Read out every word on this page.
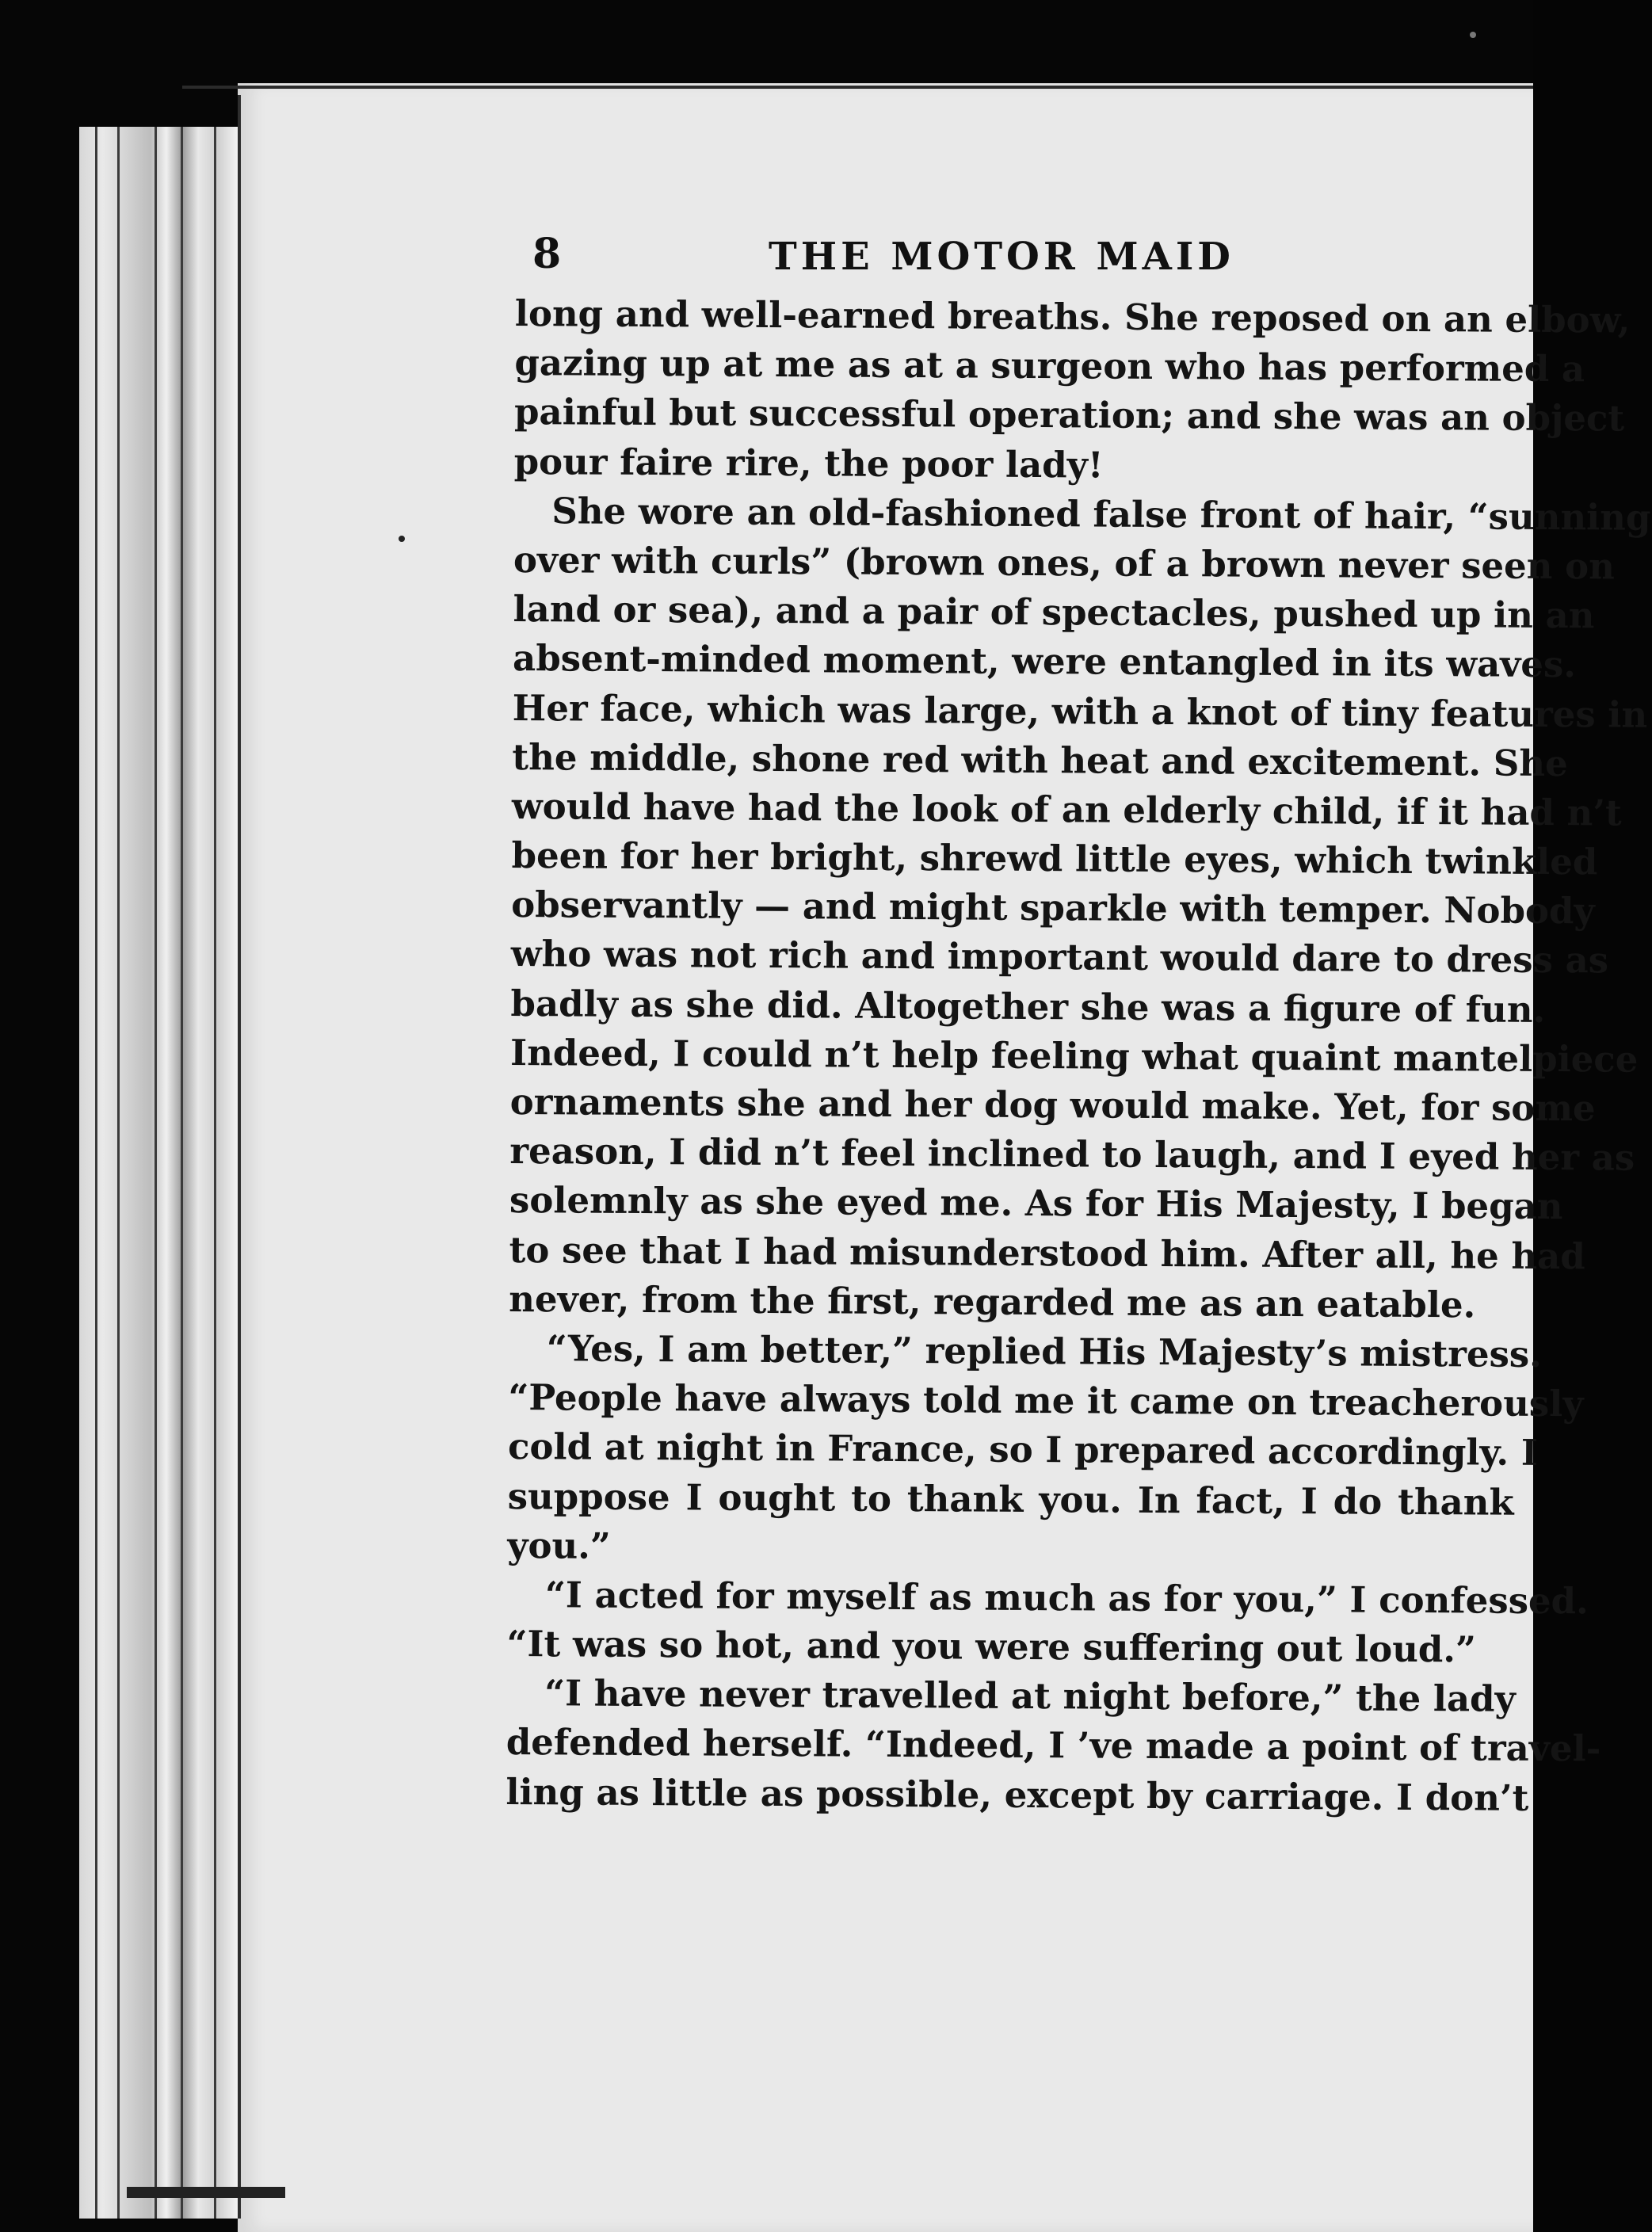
8	THE MOTOR MAID
long and well-earned breaths. She reposed on an elbow,
gazing up at me as at a surgeon who has performed a
painful but successful operation; and she was an object
pour faire rire, the poor lady!
She wore an old-fashioned false front of hair, “sunning
over with curls” (brown ones, of a brown never seen on
land or sea), and a pair of spectacles, pushed up in an
absent-minded moment, were entangled in its waves.
Her face, which was large, with a knot of tiny features in
the middle, shone red with heat and excitement. She
would have had the look of an elderly child, if it had n’t
been for her bright, shrewd little eyes, which twinkled
observantly — and might sparkle with temper. Nobody
who was not rich and important would dare to dress as
badly as she did. Altogether she was a figure of fun.
Indeed, I could n’t help feeling what quaint mantelpiece
ornaments she and her dog would make. Yet, for some
reason, I did n’t feel inclined to laugh, and I eyed her as
solemnly as she eyed me. As for His Majesty, I began
to see that I had misunderstood him. After all, he had
never, from the first, regarded me as an eatable.
“Yes, I am better,” replied His Majesty’s mistress.
“People have always told me it came on treacherously
cold at night in France, so I prepared accordingly. I
suppose I ought to thank you. In fact, I do thank
you.”
“I acted for myself as much as for you,” I confessed.
“It was so hot, and you were suffering out loud.”
“I have never travelled at night before,” the lady
defended herself. “Indeed, I ’ve made a point of travel-
ling as little as possible, except by carriage. I don’t
